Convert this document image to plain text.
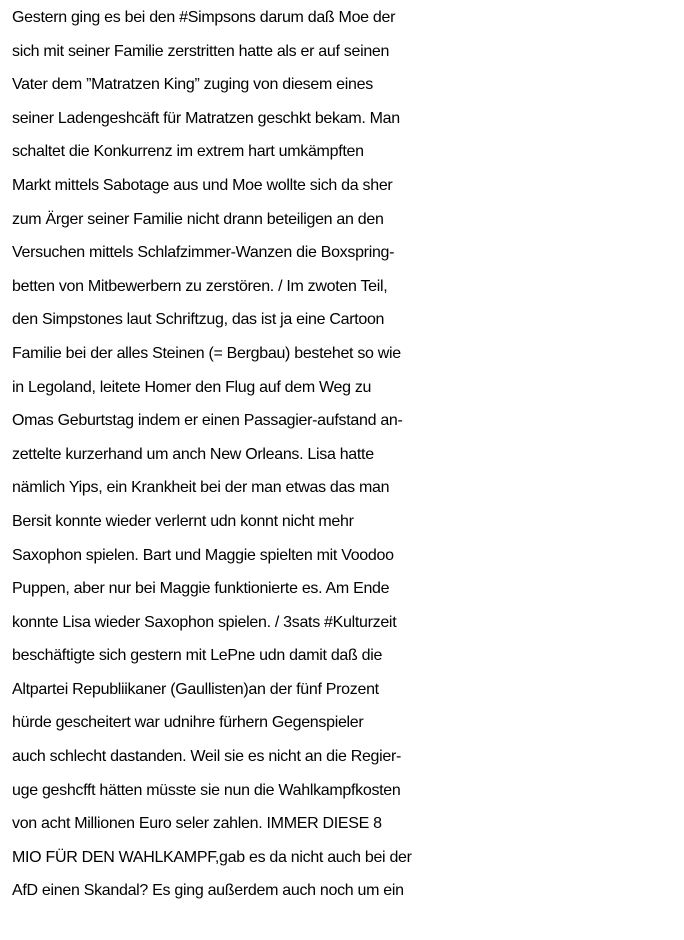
Gestern ging es bei den #Simpsons darum daß Moe der
sich mit seiner Familie zerstritten hatte als er auf seinen
Vater dem ”Matratzen King” zuging von diesem eines
seiner Ladengeshcäft für Matratzen geschkt bekam. Man
schaltet die Konkurrenz im extrem hart umkämpften
Markt mittels Sabotage aus und Moe wollte sich da sher
zum Ärger seiner Familie nicht drann beteiligen an den
Versuchen mittels Schlafzimmer-Wanzen die Boxspring-
betten von Mitbewerbern zu zerstören. / Im zwoten Teil,
den Simpstones laut Schriftzug, das ist ja eine Cartoon
Familie bei der alles Steinen (= Bergbau) bestehet so wie
in Legoland, leitete Homer den Flug auf dem Weg zu
Omas Geburtstag indem er einen Passagier-aufstand an-
zettelte kurzerhand um anch New Orleans. Lisa hatte
nämlich Yips, ein Krankheit bei der man etwas das man
Bersit konnte wieder verlernt udn konnt nicht mehr
Saxophon spielen. Bart und Maggie spielten mit Voodoo
Puppen, aber nur bei Maggie funktionierte es. Am Ende
konnte Lisa wieder Saxophon spielen. / 3sats #Kulturzeit
beschäftigte sich gestern mit LePne udn damit daß die
Altpartei Republiikaner (Gaullisten)an der fünf Prozent
hürde gescheitert war udnihre fürhern Gegenspieler
auch schlecht dastanden. Weil sie es nicht an die Regier-
uge geshcfft hätten müsste sie nun die Wahlkampfkosten
von acht Millionen Euro seler zahlen. IMMER DIESE 8
MIO FÜR DEN WAHLKAMPF,gab es da nicht auch bei der
AfD einen Skandal? Es ging außerdem auch noch um ein
